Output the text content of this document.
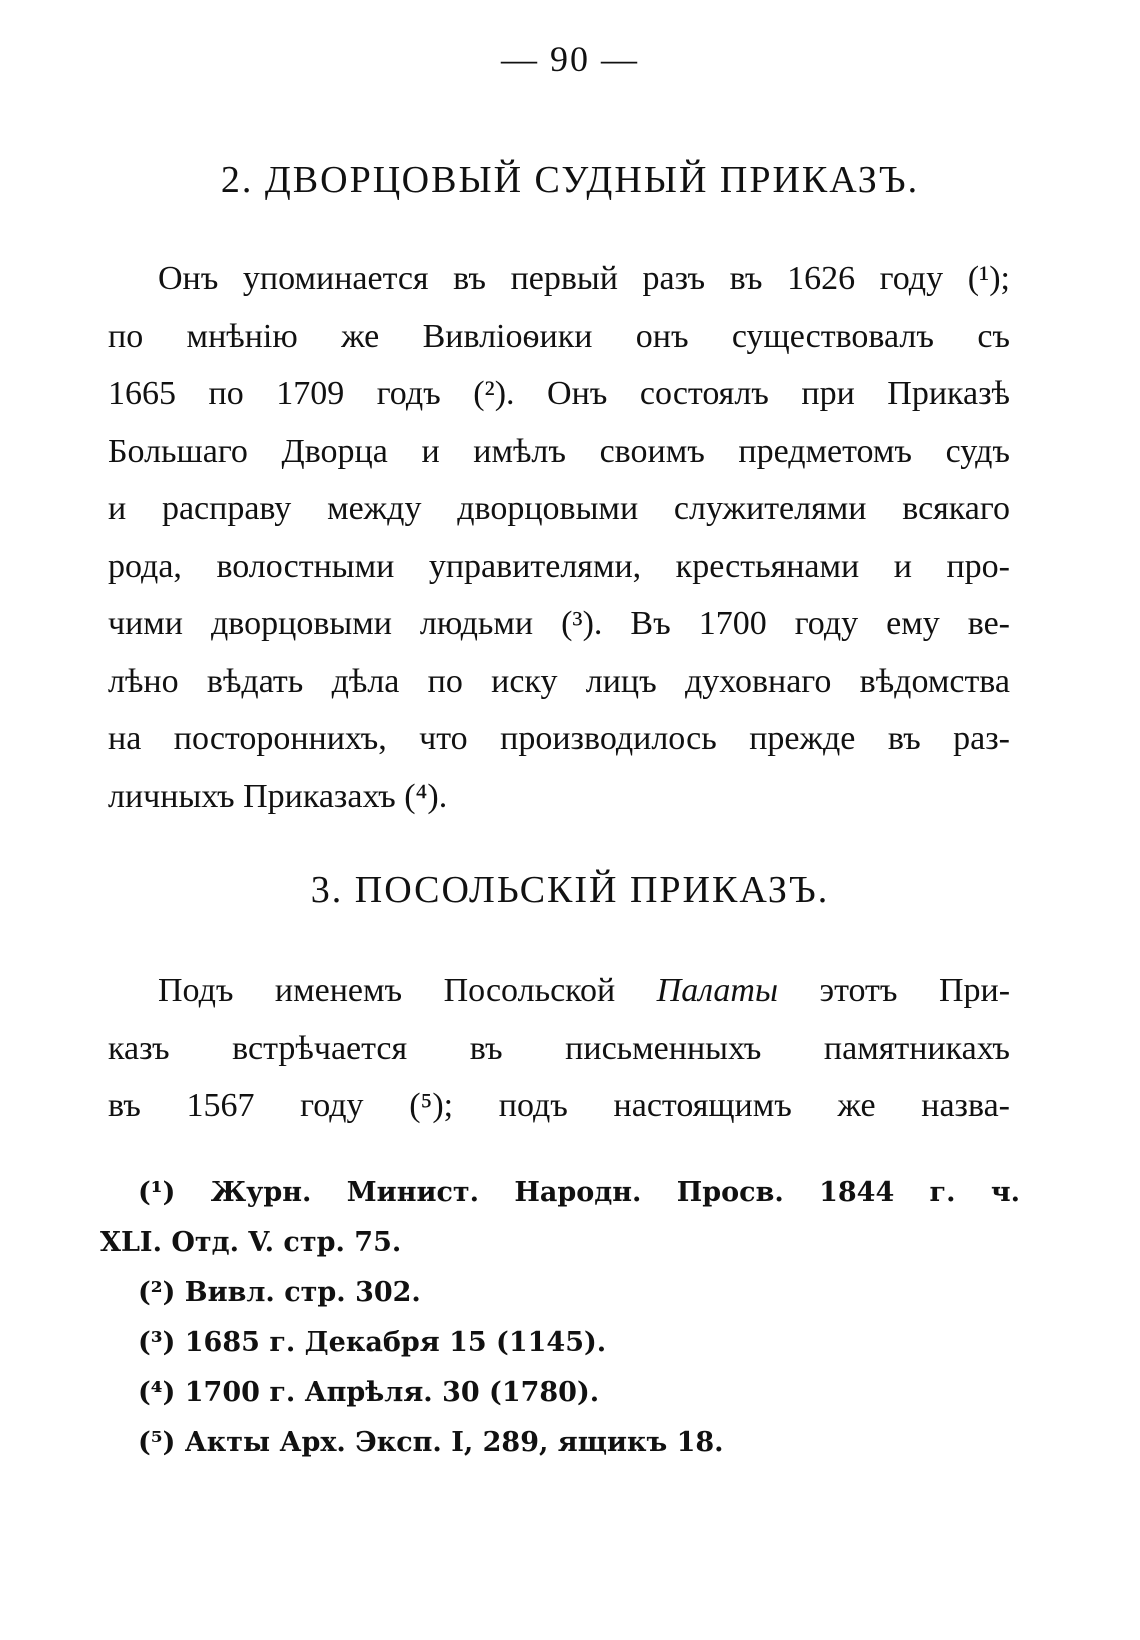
— 90 —
2. ДВОРЦОВЫЙ СУДНЫЙ ПРИКАЗЪ.
Онъ упоминается въ первый разъ въ 1626 году (¹);
по мнѣнію же Вивліоѳики онъ существовалъ съ
1665 по 1709 годъ (²). Онъ состоялъ при Приказѣ
Большаго Дворца и имѣлъ своимъ предметомъ судъ
и расправу между дворцовыми служителями всякаго
рода, волостными управителями, крестьянами и про-
чими дворцовыми людьми (³). Въ 1700 году ему ве-
лѣно вѣдать дѣла по иску лицъ духовнаго вѣдомства
на постороннихъ, что производилось прежде въ раз-
личныхъ Приказахъ (⁴).
3. ПОСОЛЬСКІЙ ПРИКАЗЪ.
Подъ именемъ Посольской Палаты этотъ При-
казъ встрѣчается въ письменныхъ памятникахъ
въ 1567 году (⁵); подъ настоящимъ же назва-
(¹) Журн. Минист. Народн. Просв. 1844 г. ч.
XLI. Отд. V. стр. 75.
(²) Вивл. стр. 302.
(³) 1685 г. Декабря 15 (1145).
(⁴) 1700 г. Апрѣля. 30 (1780).
(⁵) Акты Арх. Эксп. I, 289, ящикъ 18.
